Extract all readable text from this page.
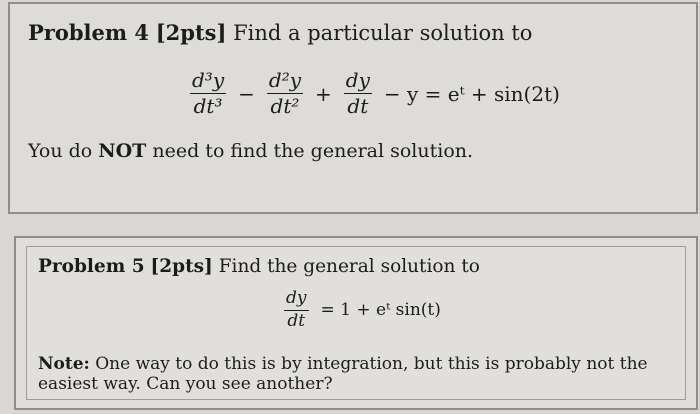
Problem 4 [2pts] Find a particular solution to
$\frac{\text{d³y}}{\text{dt³}} - \frac{\text{d²y}}{\text{dt²}} + \frac{dy}{dt} - y$ = eᵗ + sin(2t)
You do NOT need to find the general solution.
Problem 5 [2pts] Find the general solution to
$\frac{dy}{dt} = 1$ + eᵗ sin(t)
Note: One way to do this is by integration, but this is probably not the easiest way. Can you see another?
